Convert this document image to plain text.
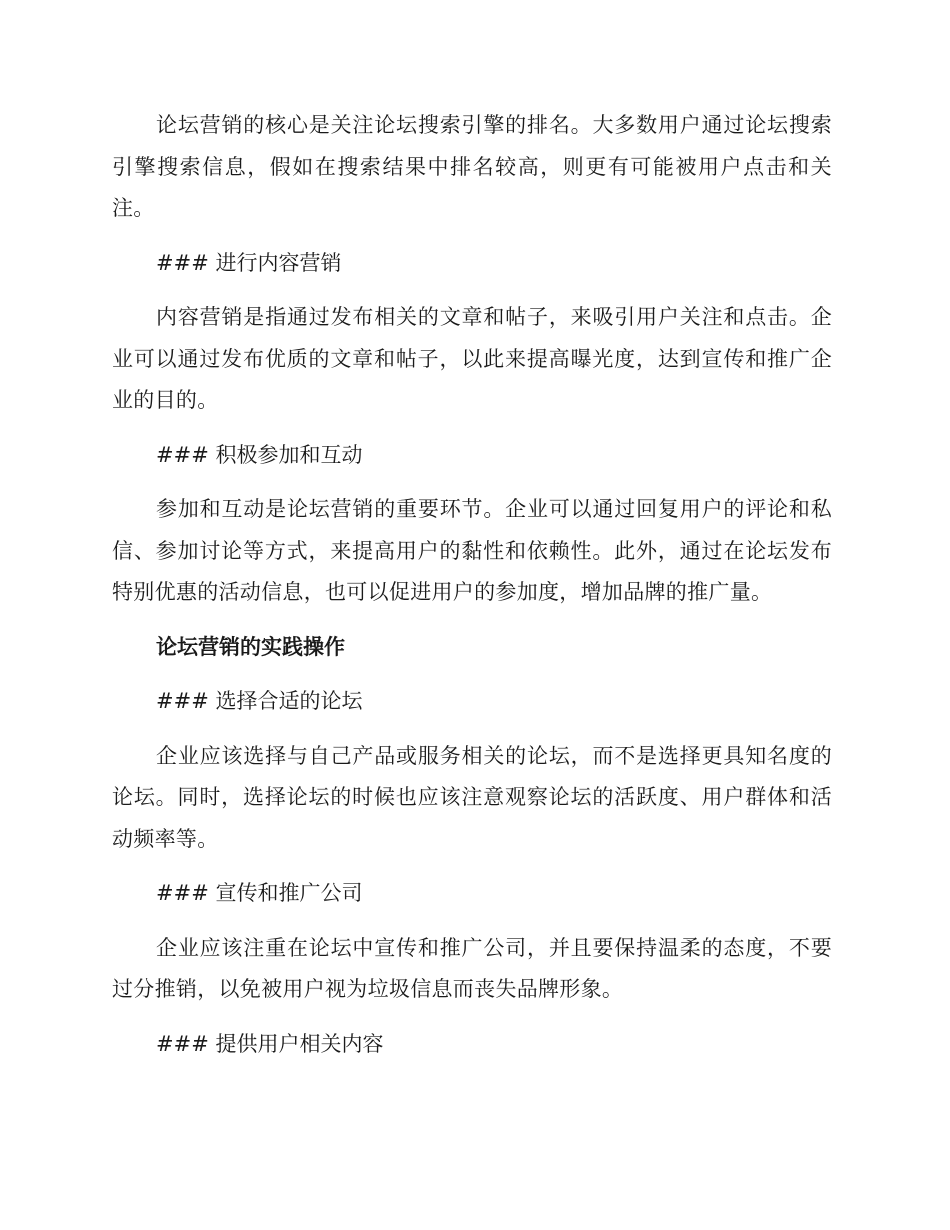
论坛营销的核心是关注论坛搜索引擎的排名。大多数用户通过论坛搜索引擎搜索信息，假如在搜索结果中排名较高，则更有可能被用户点击和关注。

### 进行内容营销

内容营销是指通过发布相关的文章和帖子，来吸引用户关注和点击。企业可以通过发布优质的文章和帖子，以此来提高曝光度，达到宣传和推广企业的目的。

### 积极参加和互动

参加和互动是论坛营销的重要环节。企业可以通过回复用户的评论和私信、参加讨论等方式，来提高用户的黏性和依赖性。此外，通过在论坛发布特别优惠的活动信息，也可以促进用户的参加度，增加品牌的推广量。

论坛营销的实践操作

### 选择合适的论坛

企业应该选择与自己产品或服务相关的论坛，而不是选择更具知名度的论坛。同时，选择论坛的时候也应该注意观察论坛的活跃度、用户群体和活动频率等。

### 宣传和推广公司

企业应该注重在论坛中宣传和推广公司，并且要保持温柔的态度，不要过分推销，以免被用户视为垃圾信息而丧失品牌形象。

### 提供用户相关内容
